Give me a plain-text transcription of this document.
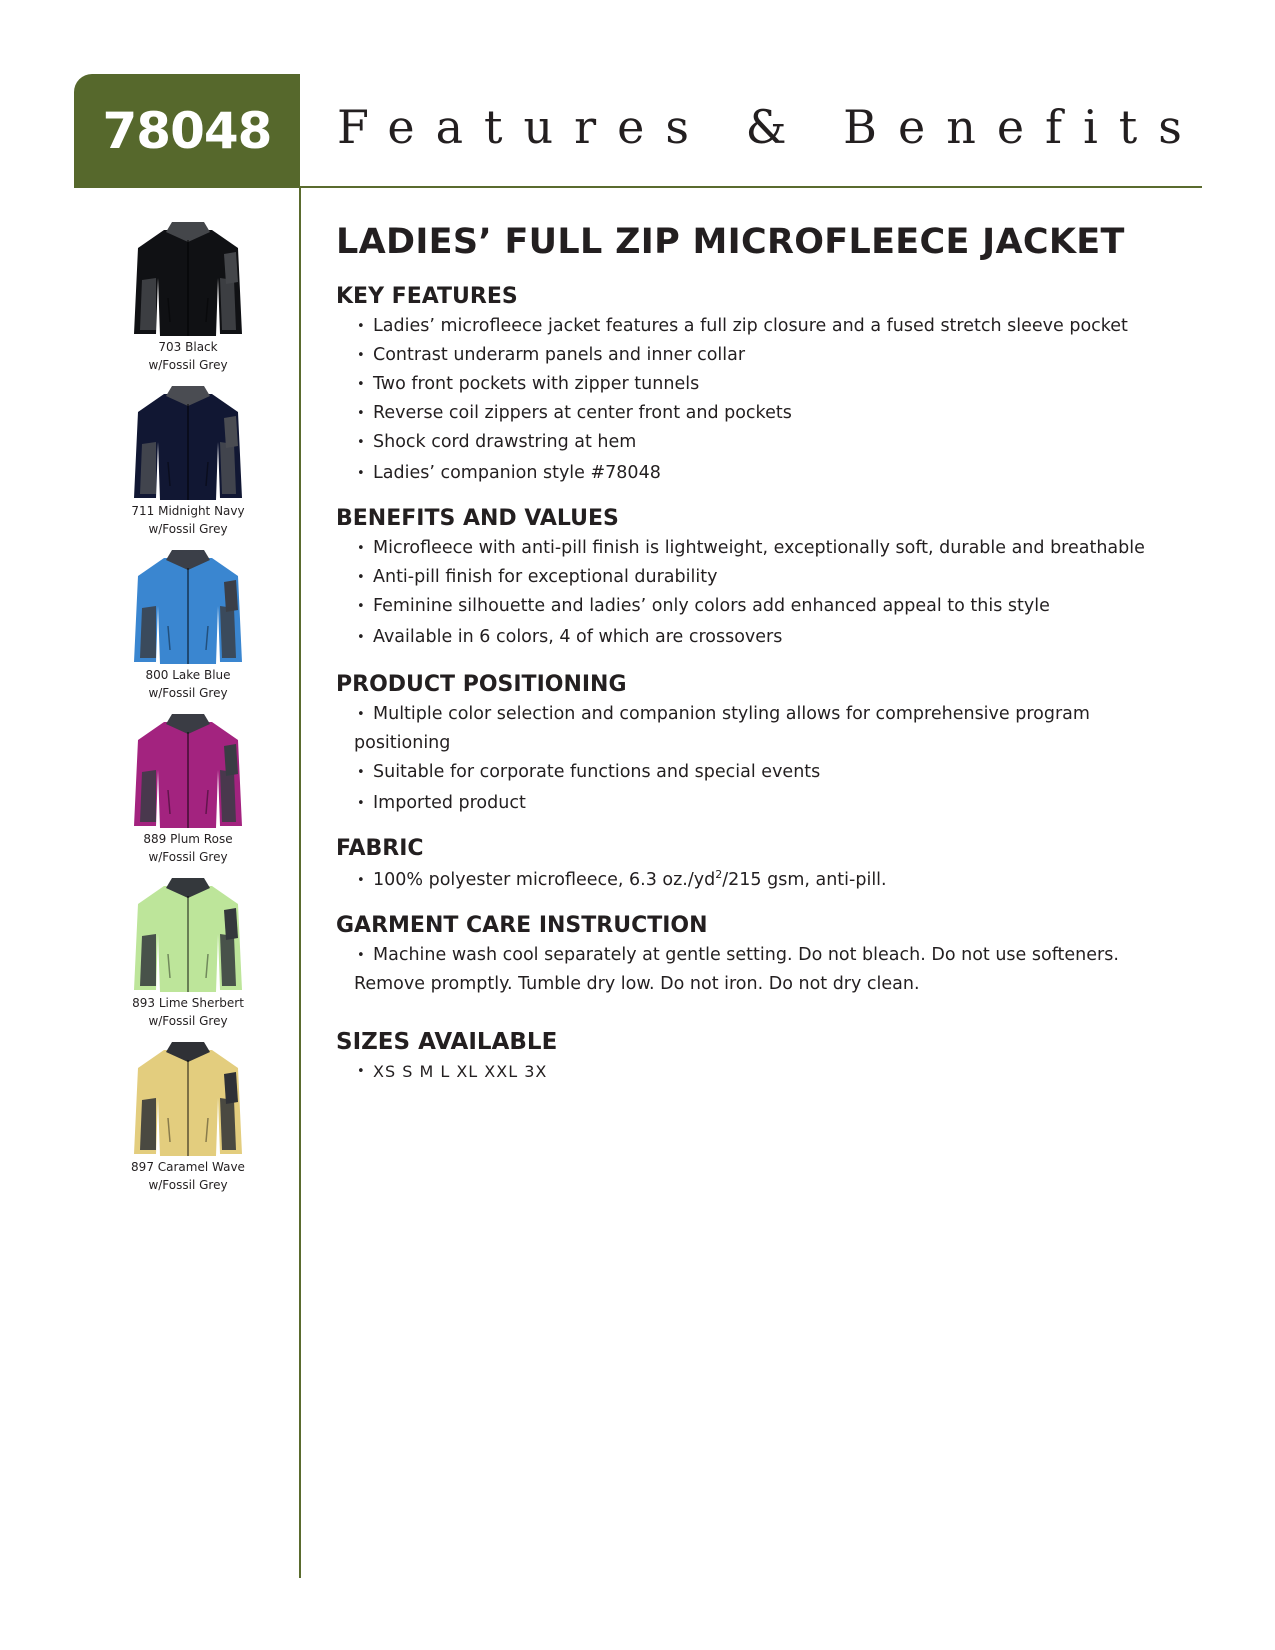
78048 Features & Benefits
703 Black
w/Fossil Grey
711 Midnight Navy
w/Fossil Grey
800 Lake Blue
w/Fossil Grey
889 Plum Rose
w/Fossil Grey
893 Lime Sherbert
w/Fossil Grey
897 Caramel Wave
w/Fossil Grey
LADIES’ FULL ZIP MICROFLEECE JACKET
KEY FEATURES
• Ladies’ microfleece jacket features a full zip closure and a fused stretch sleeve pocket
• Contrast underarm panels and inner collar
• Two front pockets with zipper tunnels
• Reverse coil zippers at center front and pockets
• Shock cord drawstring at hem
• Ladies’ companion style #78048
BENEFITS AND VALUES
• Microfleece with anti-pill finish is lightweight, exceptionally soft, durable and breathable
• Anti-pill finish for exceptional durability
• Feminine silhouette and ladies’ only colors add enhanced appeal to this style
• Available in 6 colors, 4 of which are crossovers
PRODUCT POSITIONING
• Multiple color selection and companion styling allows for comprehensive program
positioning
• Suitable for corporate functions and special events
• Imported product
FABRIC
• 100% polyester microfleece, 6.3 $oz./yd^2/215$ gsm, anti-pill.
GARMENT CARE INSTRUCTION
• Machine wash cool separately at gentle setting. Do not bleach. Do not use softeners.
Remove promptly. Tumble dry low. Do not iron. Do not dry clean.
SIZES AVAILABLE
• XS S M L XL XXL 3X
